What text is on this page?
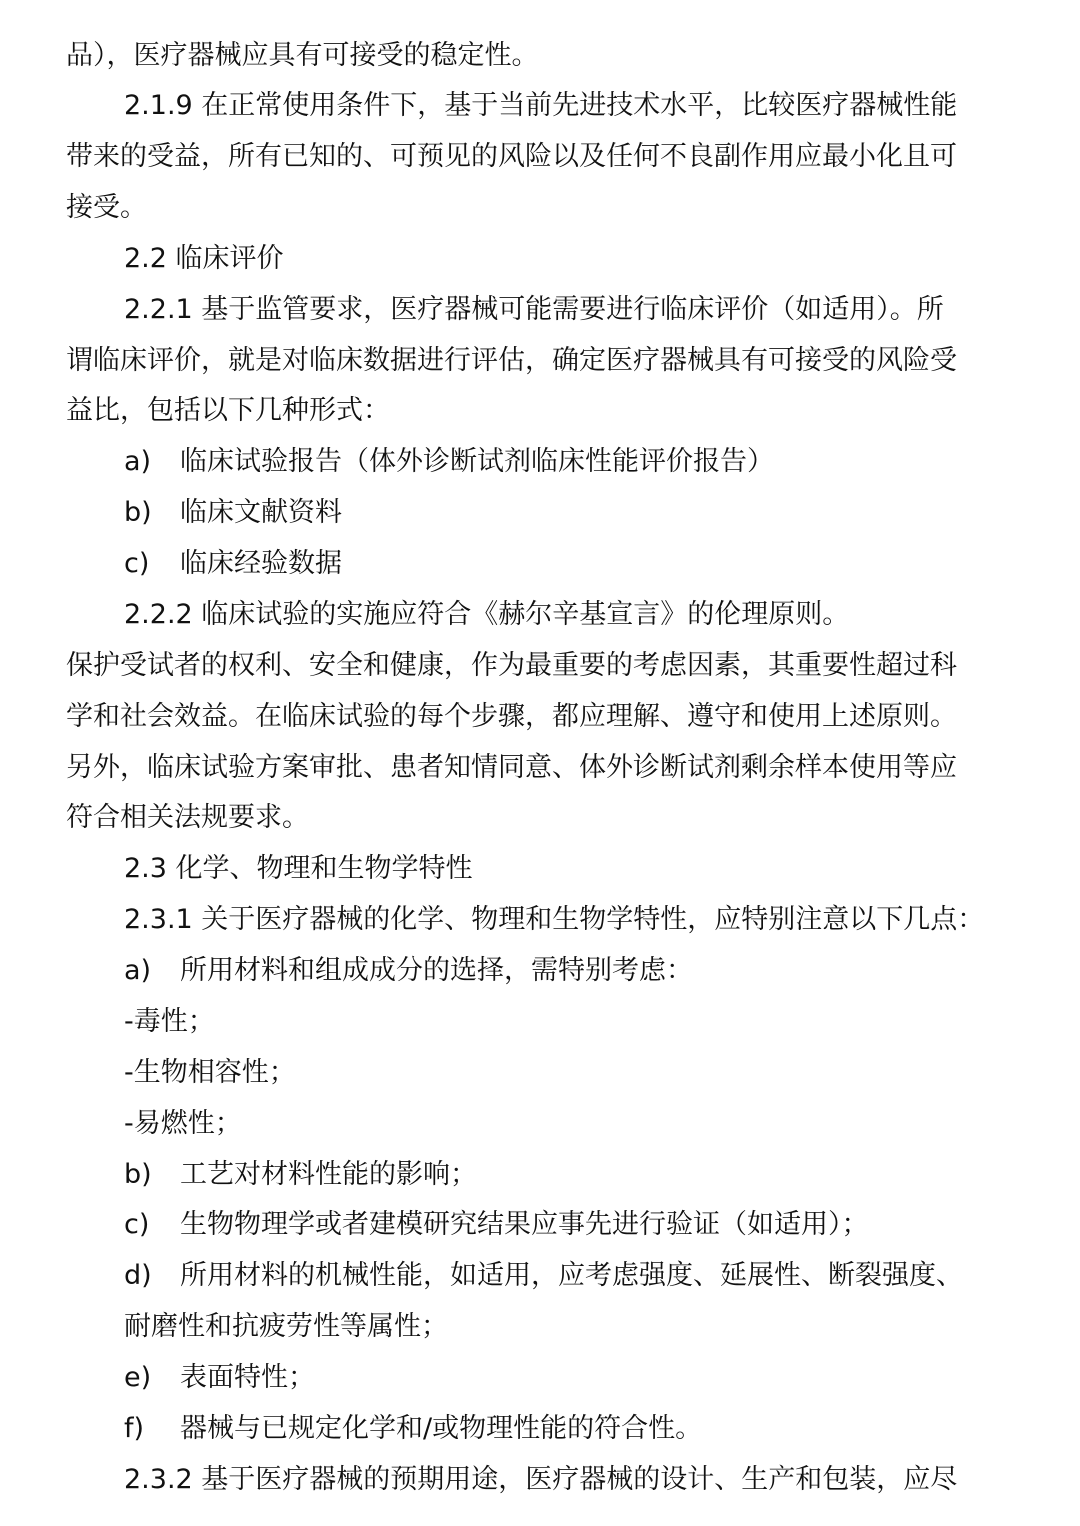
品），医疗器械应具有可接受的稳定性。
2.1.9 在正常使用条件下，基于当前先进技术水平，比较医疗器械性能
带来的受益，所有已知的、可预见的风险以及任何不良副作用应最小化且可
接受。
2.2 临床评价
2.2.1 基于监管要求，医疗器械可能需要进行临床评价（如适用）。所
谓临床评价，就是对临床数据进行评估，确定医疗器械具有可接受的风险受
益比，包括以下几种形式：
a) 临床试验报告（体外诊断试剂临床性能评价报告）
b) 临床文献资料
c) 临床经验数据
2.2.2 临床试验的实施应符合《赫尔辛基宣言》的伦理原则。
保护受试者的权利、安全和健康，作为最重要的考虑因素，其重要性超过科
学和社会效益。在临床试验的每个步骤，都应理解、遵守和使用上述原则。
另外，临床试验方案审批、患者知情同意、体外诊断试剂剩余样本使用等应
符合相关法规要求。
2.3 化学、物理和生物学特性
2.3.1 关于医疗器械的化学、物理和生物学特性，应特别注意以下几点：
a) 所用材料和组成成分的选择，需特别考虑：
-毒性；
-生物相容性；
-易燃性；
b) 工艺对材料性能的影响；
c) 生物物理学或者建模研究结果应事先进行验证（如适用）；
d) 所用材料的机械性能，如适用，应考虑强度、延展性、断裂强度、
耐磨性和抗疲劳性等属性；
e) 表面特性；
f) 器械与已规定化学和/或物理性能的符合性。
2.3.2 基于医疗器械的预期用途，医疗器械的设计、生产和包装，应尽
